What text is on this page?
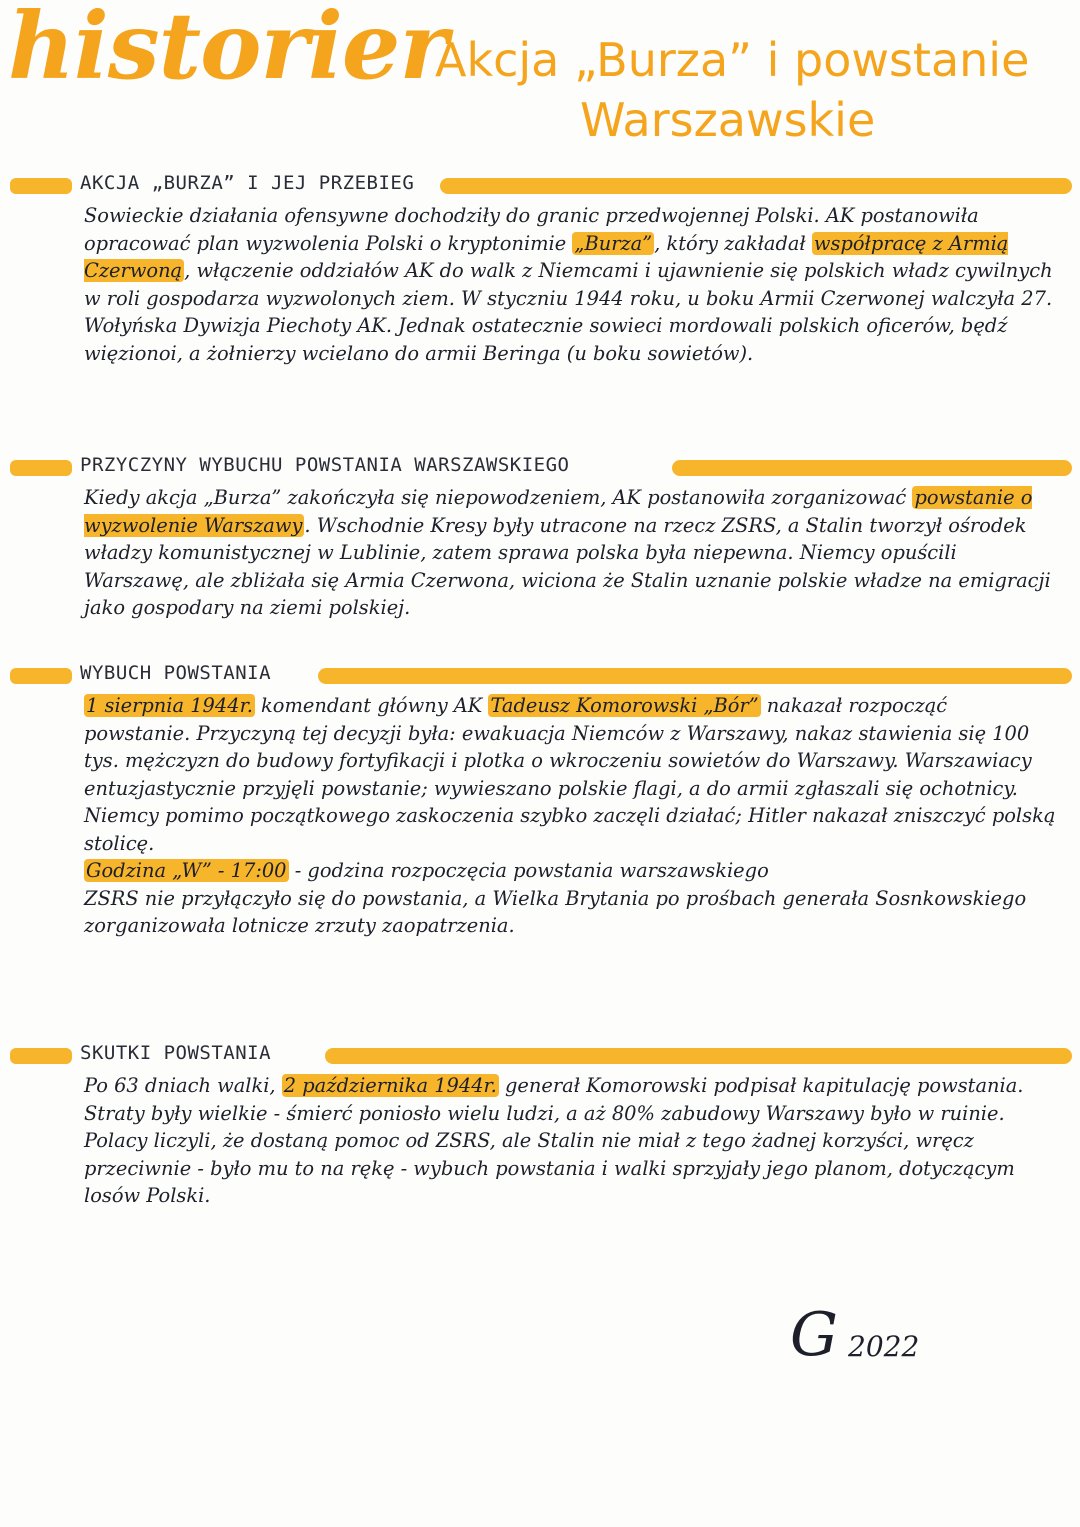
historier
Akcja „Burza” i powstanie
Warszawskie
AKCJA „BURZA” I JEJ PRZEBIEG
Sowieckie działania ofensywne dochodziły do granic przedwojennej Polski. AK postanowiła opracować plan wyzwolenia Polski o kryptonimie „Burza” , który zakładał współpracę z Armią Czerwoną , włączenie oddziałów AK do walk z Niemcami i ujawnienie się polskich władz cywilnych w roli gospodarza wyzwolonych ziem. W styczniu 1944 roku, u boku Armii Czerwonej walczyła 27. Wołyńska Dywizja Piechoty AK. Jednak ostatecznie sowieci mordowali polskich oficerów, będź więzionoi, a żołnierzy wcielano do armii Beringa (u boku sowietów).
PRZYCZYNY WYBUCHU POWSTANIA WARSZAWSKIEGO
Kiedy akcja „Burza” zakończyła się niepowodzeniem, AK postanowiła zorganizować powstanie o wyzwolenie Warszawy . Wschodnie Kresy były utracone na rzecz ZSRS, a Stalin tworzył ośrodek władzy komunistycznej w Lublinie, zatem sprawa polska była niepewna. Niemcy opuścili Warszawę, ale zbliżała się Armia Czerwona, wiciona że Stalin uznanie polskie władze na emigracji jako gospodary na ziemi polskiej.
WYBUCH POWSTANIA
1 sierpnia 1944r. komendant główny AK Tadeusz Komorowski „Bór” nakazał rozpocząć powstanie. Przyczyną tej decyzji była: ewakuacja Niemców z Warszawy, nakaz stawienia się 100 tys. mężczyzn do budowy fortyfikacji i plotka o wkroczeniu sowietów do Warszawy. Warszawiacy entuzjastycznie przyjęli powstanie; wywieszano polskie flagi, a do armii zgłaszali się ochotnicy. Niemcy pomimo początkowego zaskoczenia szybko zaczęli działać; Hitler nakazał zniszczyć polską stolicę.
Godzina „W” - 17:00 - godzina rozpoczęcia powstania warszawskiego
ZSRS nie przyłączyło się do powstania, a Wielka Brytania po prośbach generała Sosnkowskiego zorganizowała lotnicze zrzuty zaopatrzenia.
SKUTKI POWSTANIA
Po 63 dniach walki, 2 października 1944r. generał Komorowski podpisał kapitulację powstania. Straty były wielkie - śmierć poniosło wielu ludzi, a aż 80% zabudowy Warszawy było w ruinie. Polacy liczyli, że dostaną pomoc od ZSRS, ale Stalin nie miał z tego żadnej korzyści, wręcz przeciwnie - było mu to na rękę - wybuch powstania i walki sprzyjały jego planom, dotyczącym losów Polski.
G 2022
